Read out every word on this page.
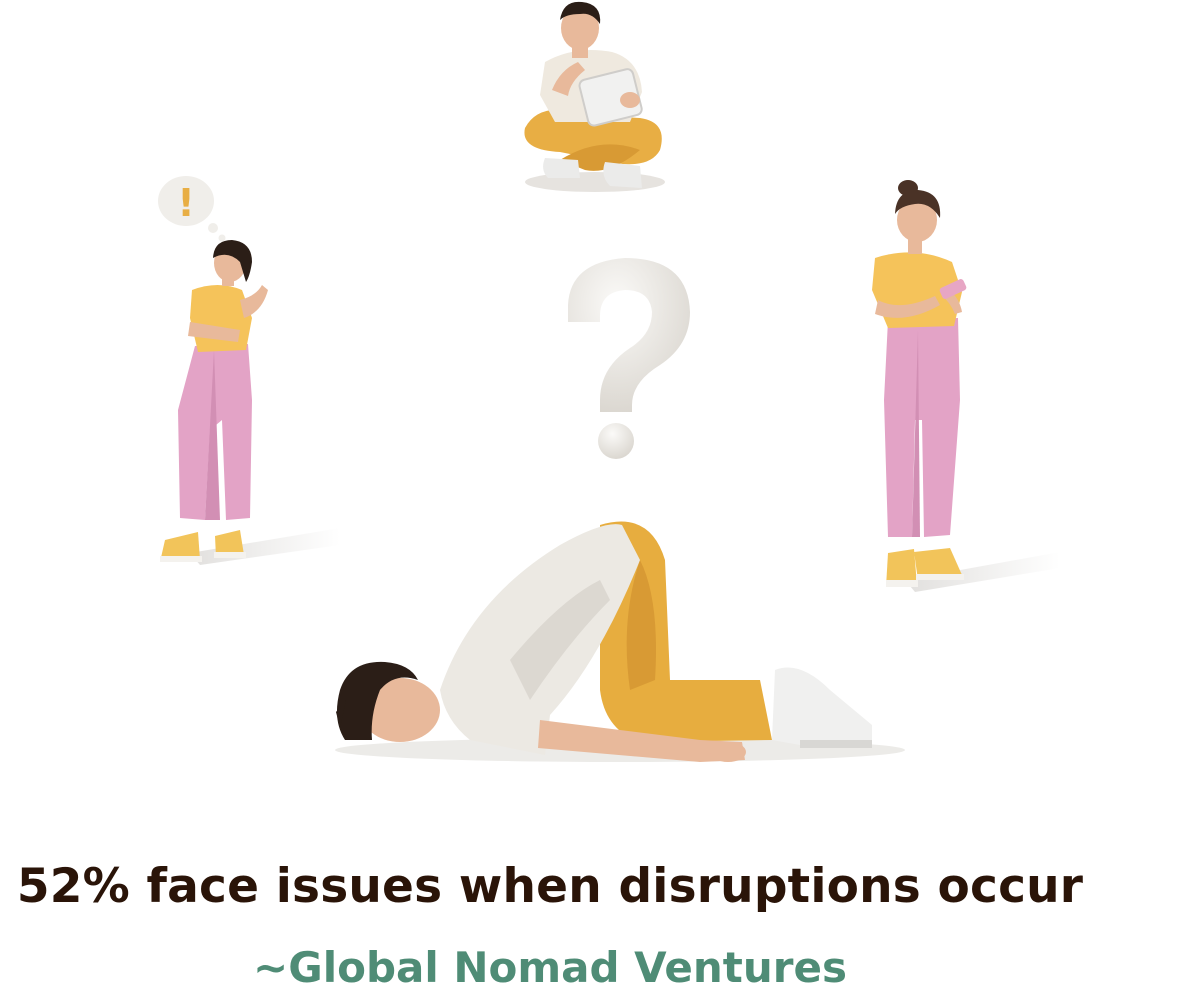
!

52% face issues when disruptions occur

~Global Nomad Ventures
